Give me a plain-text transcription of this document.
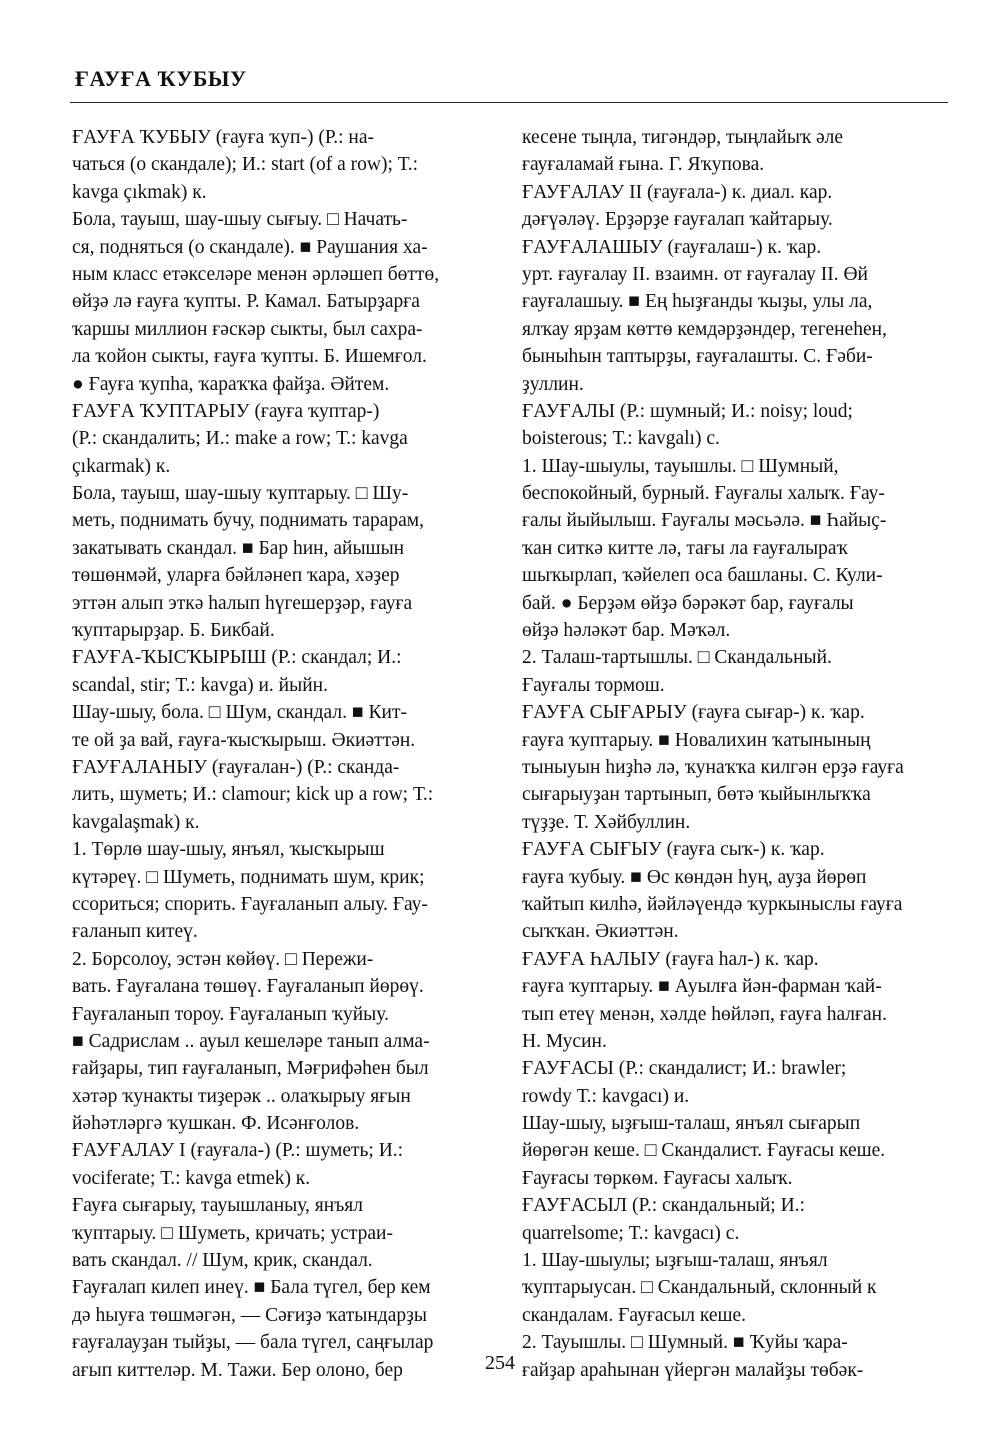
ҒАУҒА ҠУБЫУ
ҒАУҒА ҠУБЫУ (ғауға ҡуп-) (Р.: на-
чаться (о скандале); И.: start (of a row); Т.:
kavga çıkmak) к.
Бола, тауыш, шау-шыу сығыу. □ Начать-
ся, подняться (о скандале). ■ Раушания ха-
ным класс етәкселәре менән әрләшеп бөттө,
өйҙә лә ғауға ҡупты. Р. Камал. Батырҙарға
ҡаршы миллион ғәскәр сыкты, был сахра-
ла ҡойон сыкты, ғауға ҡупты. Б. Ишемғол.
● Ғауға ҡупһа, ҡараҡҡа файҙа. Әйтем.
ҒАУҒА ҠУПТАРЫУ (ғауға ҡуптар-)
(Р.: скандалить; И.: make a row; Т.: kavga
çıkarmak) к.
Бола, тауыш, шау-шыу ҡуптарыу. □ Шу-
меть, поднимать бучу, поднимать тарарам,
закатывать скандал. ■ Бар һин, айышын
төшөнмәй, уларға бәйләнеп ҡара, хәҙер
эттән алып эткә һалып һүгешерҙәр, ғауға
ҡуптарырҙар. Б. Бикбай.
ҒАУҒА-ҠЫСҠЫРЫШ (Р.: скандал; И.:
scandal, stir; Т.: kavga) и. йыйн.
Шау-шыу, бола. □ Шум, скандал. ■ Кит-
те ой ҙа вай, ғауға-ҡысҡырыш. Әкиәттән.
ҒАУҒАЛАНЫУ (ғауғалан-) (Р.: сканда-
лить, шуметь; И.: clamour; kick up a row; Т.:
kavgalaşmak) к.
1. Төрлө шау-шыу, янъял, ҡысҡырыш
күтәреү. □ Шуметь, поднимать шум, крик;
ссориться; спорить. Ғауғаланып алыу. Ғау-
ғаланып китеү.
2. Борсолоу, эстән көйөү. □ Пережи-
вать. Ғауғалана төшөү. Ғауғаланып йөрөү.
Ғауғаланып тороу. Ғауғаланып ҡуйыу.
■ Садрислам .. ауыл кешеләре танып алма-
ғайҙары, тип ғауғаланып, Мәғрифәһен был
хәтәр ҡунакты тиҙерәк .. олаҡырыу яғын
йәһәтләргә ҡушкан. Ф. Исәнғолов.
ҒАУҒАЛАУ I (ғауғала-) (Р.: шуметь; И.:
vociferate; Т.: kavga etmek) к.
Ғауға сығарыу, тауышланыу, янъял
ҡуптарыу. □ Шуметь, кричать; устраи-
вать скандал. // Шум, крик, скандал.
Ғауғалап килеп инеү. ■ Бала түгел, бер кем
дә һыуға төшмәгән, — Сәғиҙә ҡатындарҙы
ғауғалауҙан тыйҙы, — бала түгел, саңғылар
ағып киттеләр. М. Тажи. Бер олоно, бер
кесене тыңла, тигәндәр, тыңлайыҡ әле
ғауғаламай ғына. Г. Яҡупова.
ҒАУҒАЛАУ II (ғауғала-) к. диал. кар.
дәғүәләү. Ерҙәрҙе ғауғалап ҡайтарыу.
ҒАУҒАЛАШЫУ (ғауғалаш-) к. ҡар.
урт. ғауғалау II. взаимн. от ғауғалау II. Өй
ғауғалашыу. ■ Ең һыҙғанды ҡыҙы, улы ла,
ялҡау ярҙам көттө кемдәрҙәндер, тегенеһен,
быныһын таптырҙы, ғауғалашты. С. Ғәби-
ҙуллин.
ҒАУҒАЛЫ (Р.: шумный; И.: noisy; loud;
boisterous; Т.: kavgalı) с.
1. Шау-шыулы, тауышлы. □ Шумный,
беспокойный, бурный. Ғауғалы халыҡ. Ғау-
ғалы йыйылыш. Ғауғалы мәсьәлә. ■ Һайыҫ-
ҡан ситкә китте лә, тағы ла ғауғалыраҡ
шыҡырлап, ҡәйелеп оса башланы. С. Кули-
бай. ● Берҙәм өйҙә бәрәкәт бар, ғауғалы
өйҙә һәләкәт бар. Мәҡәл.
2. Талаш-тартышлы. □ Скандальный.
Ғауғалы тормош.
ҒАУҒА СЫҒАРЫУ (ғауға сығар-) к. ҡар.
ғауға ҡуптарыу. ■ Новалихин ҡатынының
тыныуын һиҙһә лә, ҡунаҡҡа килгән ерҙә ғауға
сығарыуҙан тартынып, бөтә ҡыйынлыҡҡа
түҙҙе. Т. Хәйбуллин.
ҒАУҒА СЫҒЫУ (ғауға сыҡ-) к. ҡар.
ғауға ҡубыу. ■ Өс көндән һуң, ауҙа йөрөп
ҡайтып килһә, йәйләүендә ҡуркыныслы ғауға
сыҡҡан. Әкиәттән.
ҒАУҒА ҺАЛЫУ (ғауға һал-) к. ҡар.
ғауға ҡуптарыу. ■ Ауылға йән-фарман ҡай-
тып етеү менән, хәлде һөйләп, ғауға һалған.
Н. Мусин.
ҒАУҒАСЫ (Р.: скандалист; И.: brawler;
rowdy Т.: kavgacı) и.
Шау-шыу, ыҙғыш-талаш, янъял сығарып
йөрөгән кеше. □ Скандалист. Ғауғасы кеше.
Ғауғасы төркөм. Ғауғасы халыҡ.
ҒАУҒАСЫЛ (Р.: скандальный; И.:
quarrelsome; Т.: kavgacı) с.
1. Шау-шыулы; ыҙғыш-талаш, янъял
ҡуптарыусан. □ Скандальный, склонный к
скандалам. Ғауғасыл кеше.
2. Тауышлы. □ Шумный. ■ Ҡуйы ҡара-
ғайҙар араһынан үйергән малайҙы төбәк-
254
